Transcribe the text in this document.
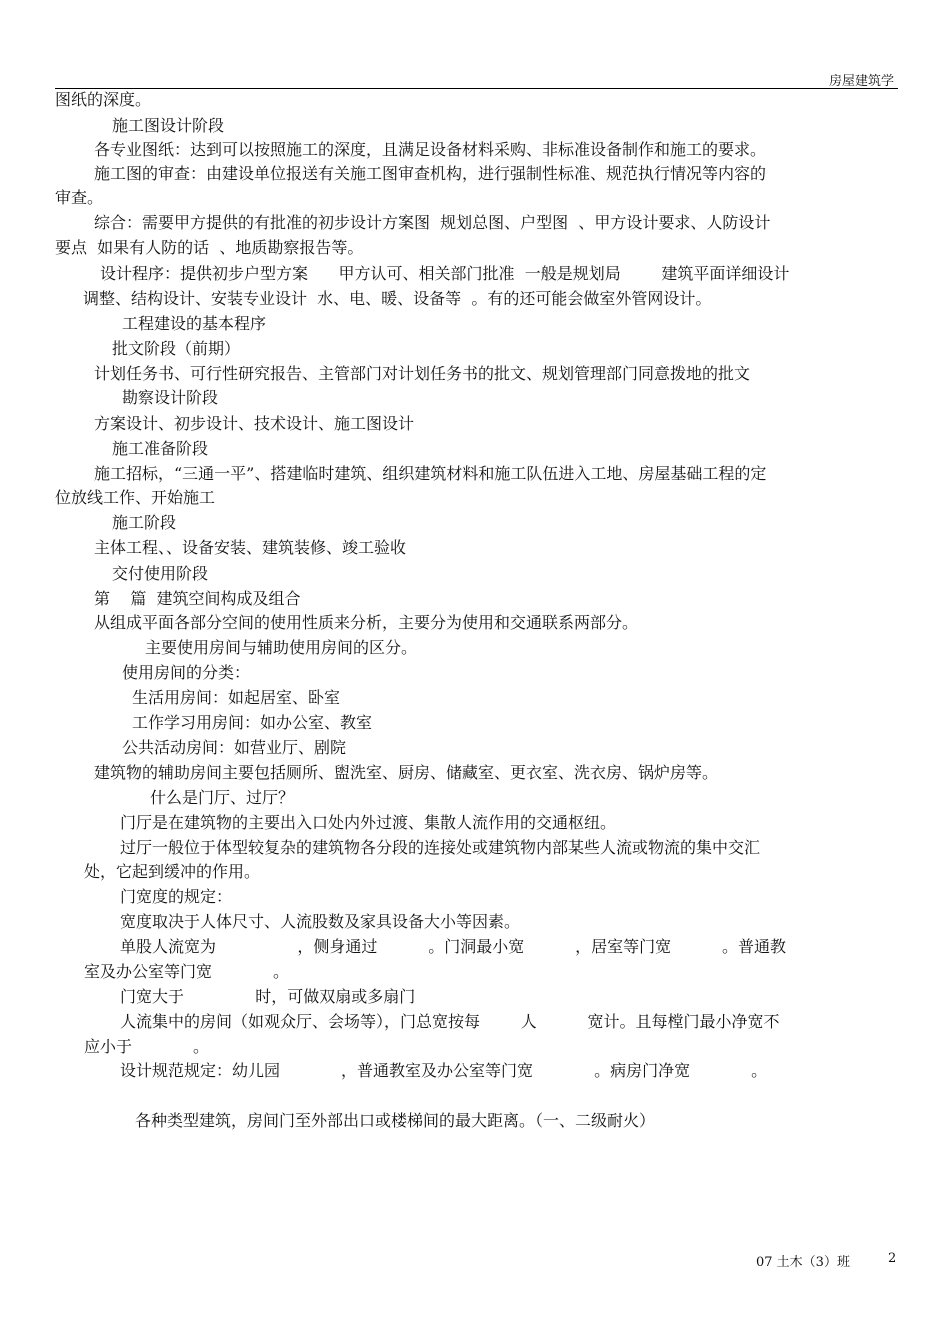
房屋建筑学
图纸的深度。
施工图设计阶段
各专业图纸：达到可以按照施工的深度，且满足设备材料采购、非标准设备制作和施工的要求。
施工图的审查：由建设单位报送有关施工图审查机构，进行强制性标准、规范执行情况等内容的
审查。
综合：需要甲方提供的有批准的初步设计方案图  规划总图、户型图  、甲方设计要求、人防设计
要点  如果有人防的话  、地质勘察报告等。
设计程序：提供初步户型方案      甲方认可、相关部门批准  一般是规划局        建筑平面详细设计
调整、结构设计、安装专业设计  水、电、暖、设备等  。有的还可能会做室外管网设计。
工程建设的基本程序
批文阶段（前期）
计划任务书、可行性研究报告、主管部门对计划任务书的批文、规划管理部门同意拨地的批文
勘察设计阶段
方案设计、初步设计、技术设计、施工图设计
施工准备阶段
施工招标，“三通一平”、搭建临时建筑、组织建筑材料和施工队伍进入工地、房屋基础工程的定
位放线工作、开始施工
施工阶段
主体工程、、设备安装、建筑装修、竣工验收
交付使用阶段
第    篇  建筑空间构成及组合
从组成平面各部分空间的使用性质来分析，主要分为使用和交通联系两部分。
主要使用房间与辅助使用房间的区分。
使用房间的分类：
生活用房间：如起居室、卧室
工作学习用房间：如办公室、教室
公共活动房间：如营业厅、剧院
建筑物的辅助房间主要包括厕所、盥洗室、厨房、储藏室、更衣室、洗衣房、锅炉房等。
什么是门厅、过厅？
门厅是在建筑物的主要出入口处内外过渡、集散人流作用的交通枢纽。
过厅一般位于体型较复杂的建筑物各分段的连接处或建筑物内部某些人流或物流的集中交汇
处，它起到缓冲的作用。
门宽度的规定：
宽度取决于人体尺寸、人流股数及家具设备大小等因素。
单股人流宽为                ，侧身通过          。门洞最小宽          ，居室等门宽          。普通教
室及办公室等门宽            。
门宽大于              时，可做双扇或多扇门
人流集中的房间（如观众厅、会场等），门总宽按每        人          宽计。且每樘门最小净宽不
应小于            。
设计规范规定：幼儿园            ，普通教室及办公室等门宽            。病房门净宽            。
各种类型建筑，房间门至外部出口或楼梯间的最大距离。（一、二级耐火）
07 土木（3）班	2
